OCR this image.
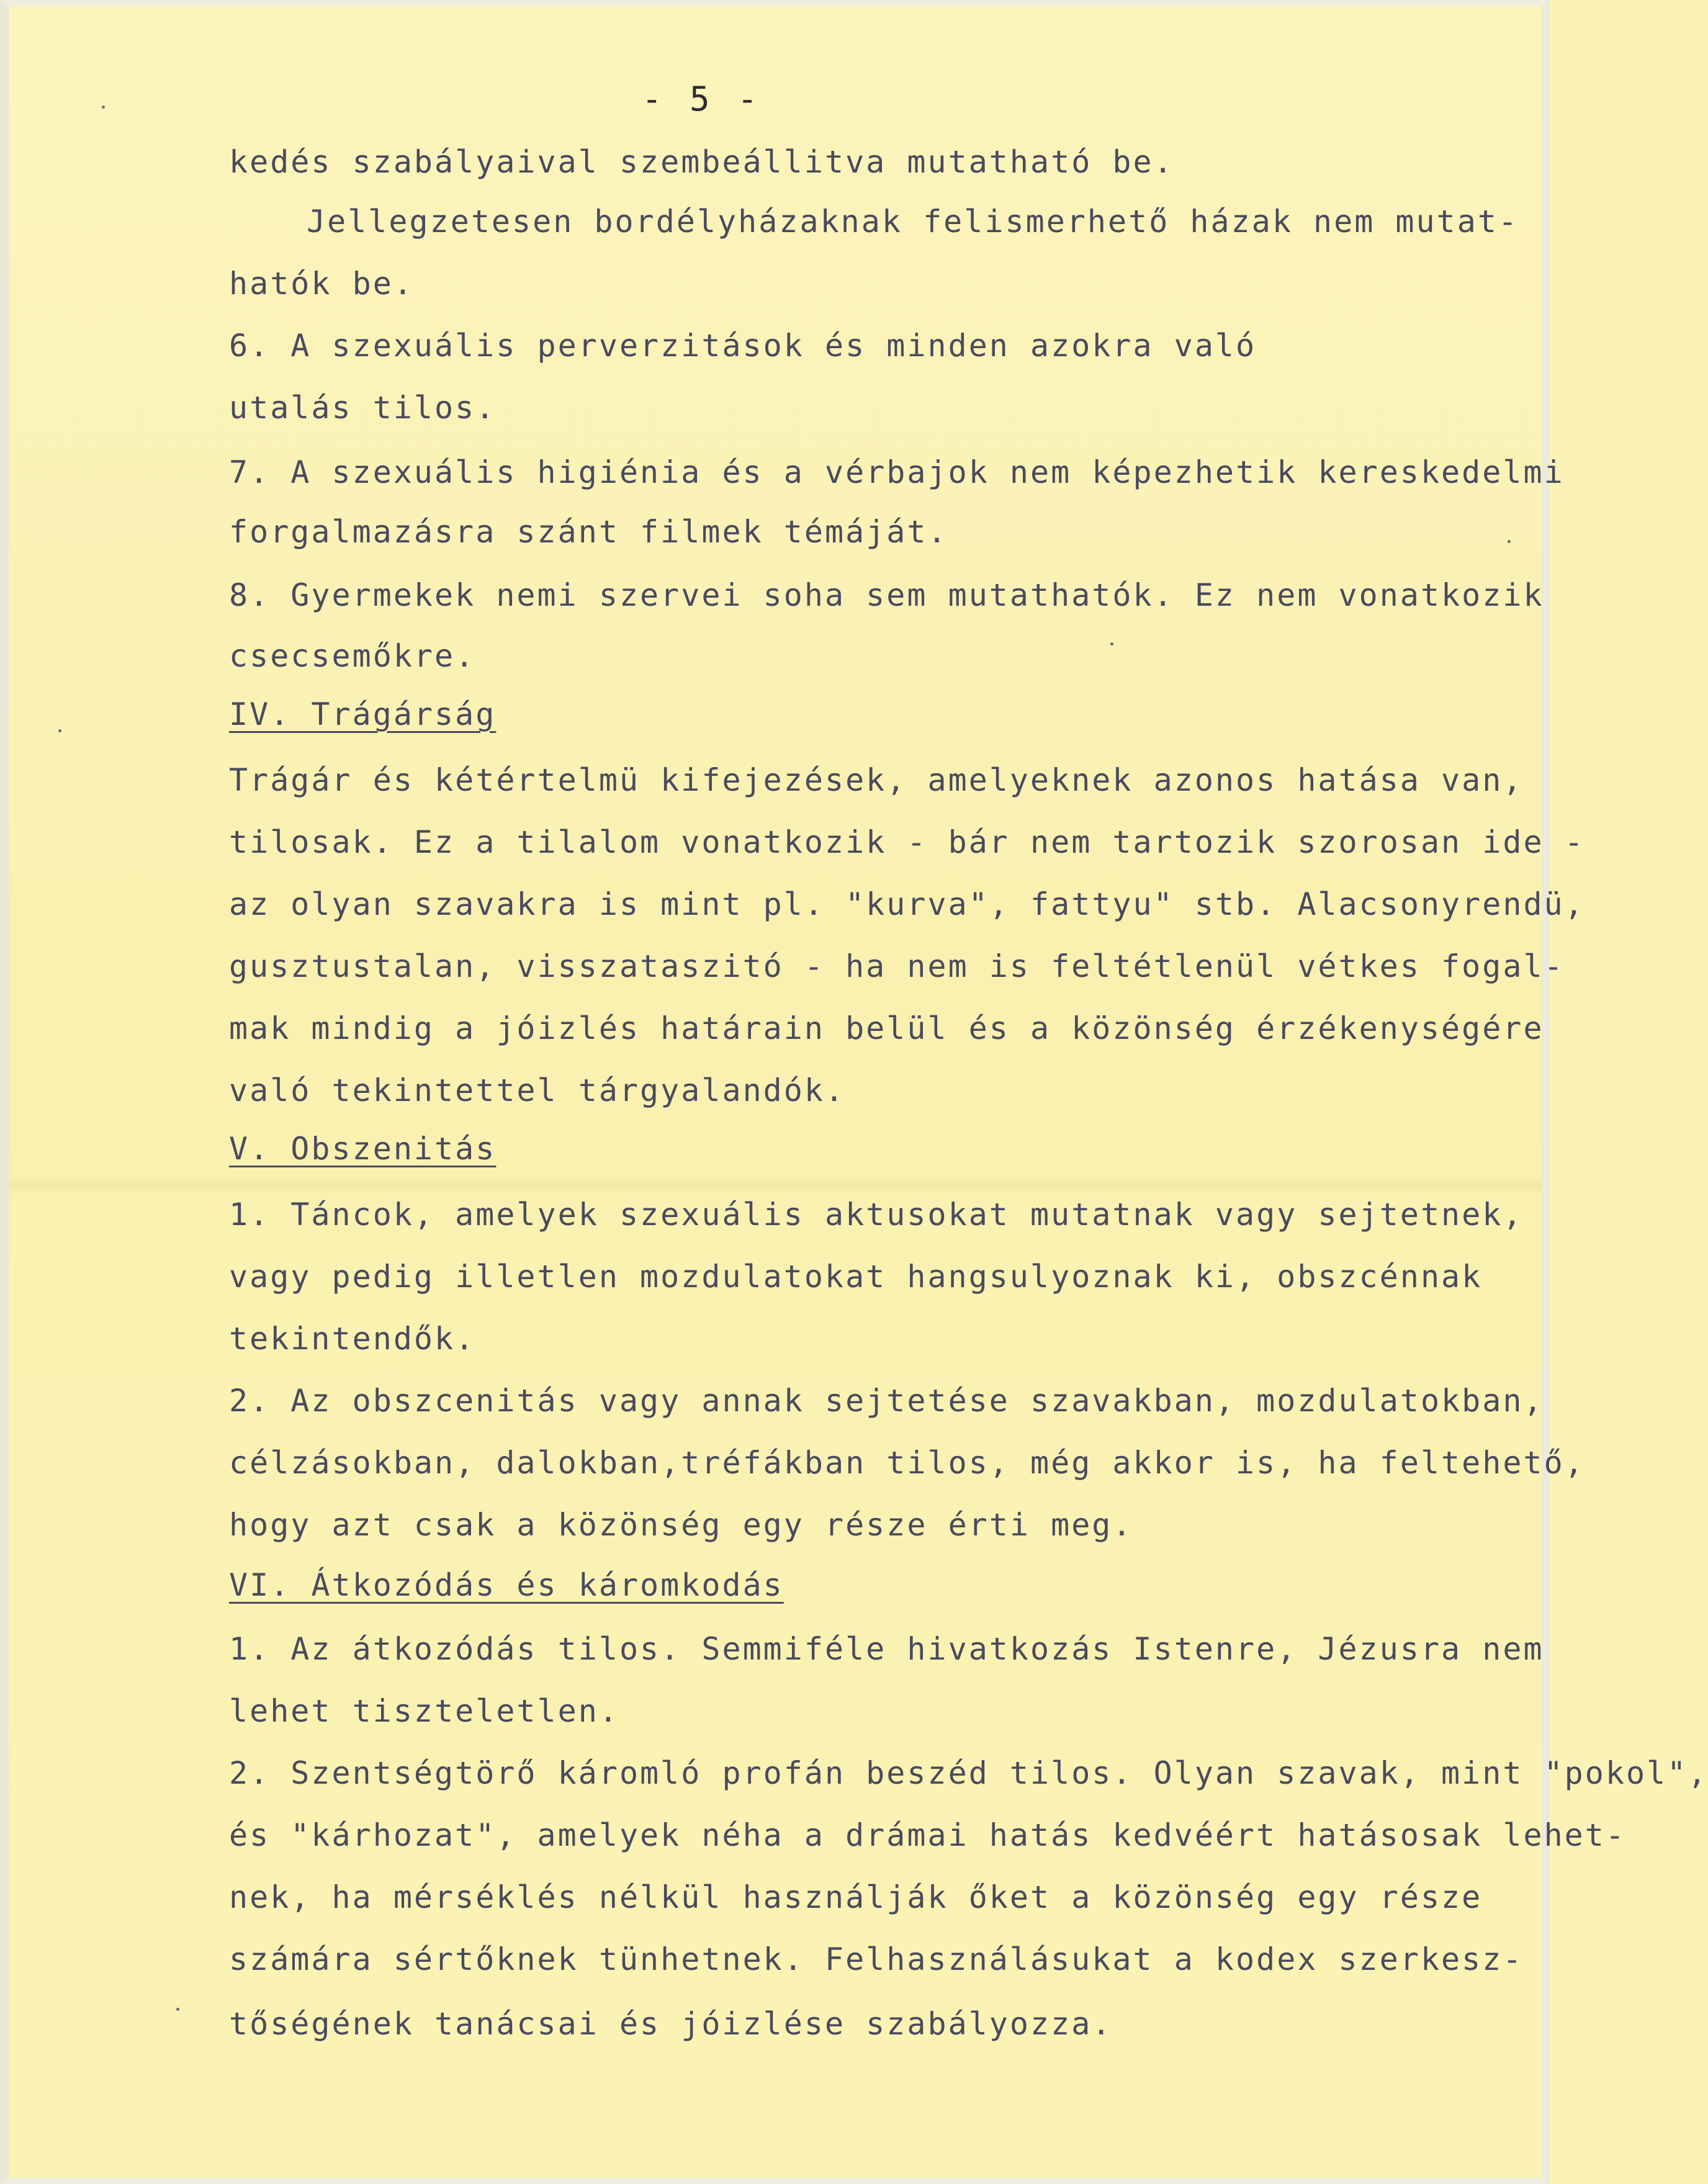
- 5 -
kedés szabályaival szembeállitva mutatható be.
Jellegzetesen bordélyházaknak felismerhető házak nem mutat-
hatók be.
6. A szexuális perverzitások és minden azokra való
utalás tilos.
7. A szexuális higiénia és a vérbajok nem képezhetik kereskedelmi
forgalmazásra szánt filmek témáját.
8. Gyermekek nemi szervei soha sem mutathatók. Ez nem vonatkozik
csecsemőkre.
IV. Trágárság
Trágár és kétértelmü kifejezések, amelyeknek azonos hatása van,
tilosak. Ez a tilalom vonatkozik - bár nem tartozik szorosan ide -
az olyan szavakra is mint pl. "kurva", fattyu" stb. Alacsonyrendü,
gusztustalan, visszataszitó - ha nem is feltétlenül vétkes fogal-
mak mindig a jóizlés határain belül és a közönség érzékenységére
való tekintettel tárgyalandók.
V. Obszenitás
1. Táncok, amelyek szexuális aktusokat mutatnak vagy sejtetnek,
vagy pedig illetlen mozdulatokat hangsulyoznak ki, obszcénnak
tekintendők.
2. Az obszcenitás vagy annak sejtetése szavakban, mozdulatokban,
célzásokban, dalokban,tréfákban tilos, még akkor is, ha feltehető,
hogy azt csak a közönség egy része érti meg.
VI. Átkozódás és káromkodás
1. Az átkozódás tilos. Semmiféle hivatkozás Istenre, Jézusra nem
lehet tiszteletlen.
2. Szentségtörő káromló profán beszéd tilos. Olyan szavak, mint "pokol",
és "kárhozat", amelyek néha a drámai hatás kedvéért hatásosak lehet-
nek, ha mérséklés nélkül használják őket a közönség egy része
számára sértőknek tünhetnek. Felhasználásukat a kodex szerkesz-
tőségének tanácsai és jóizlése szabályozza.
